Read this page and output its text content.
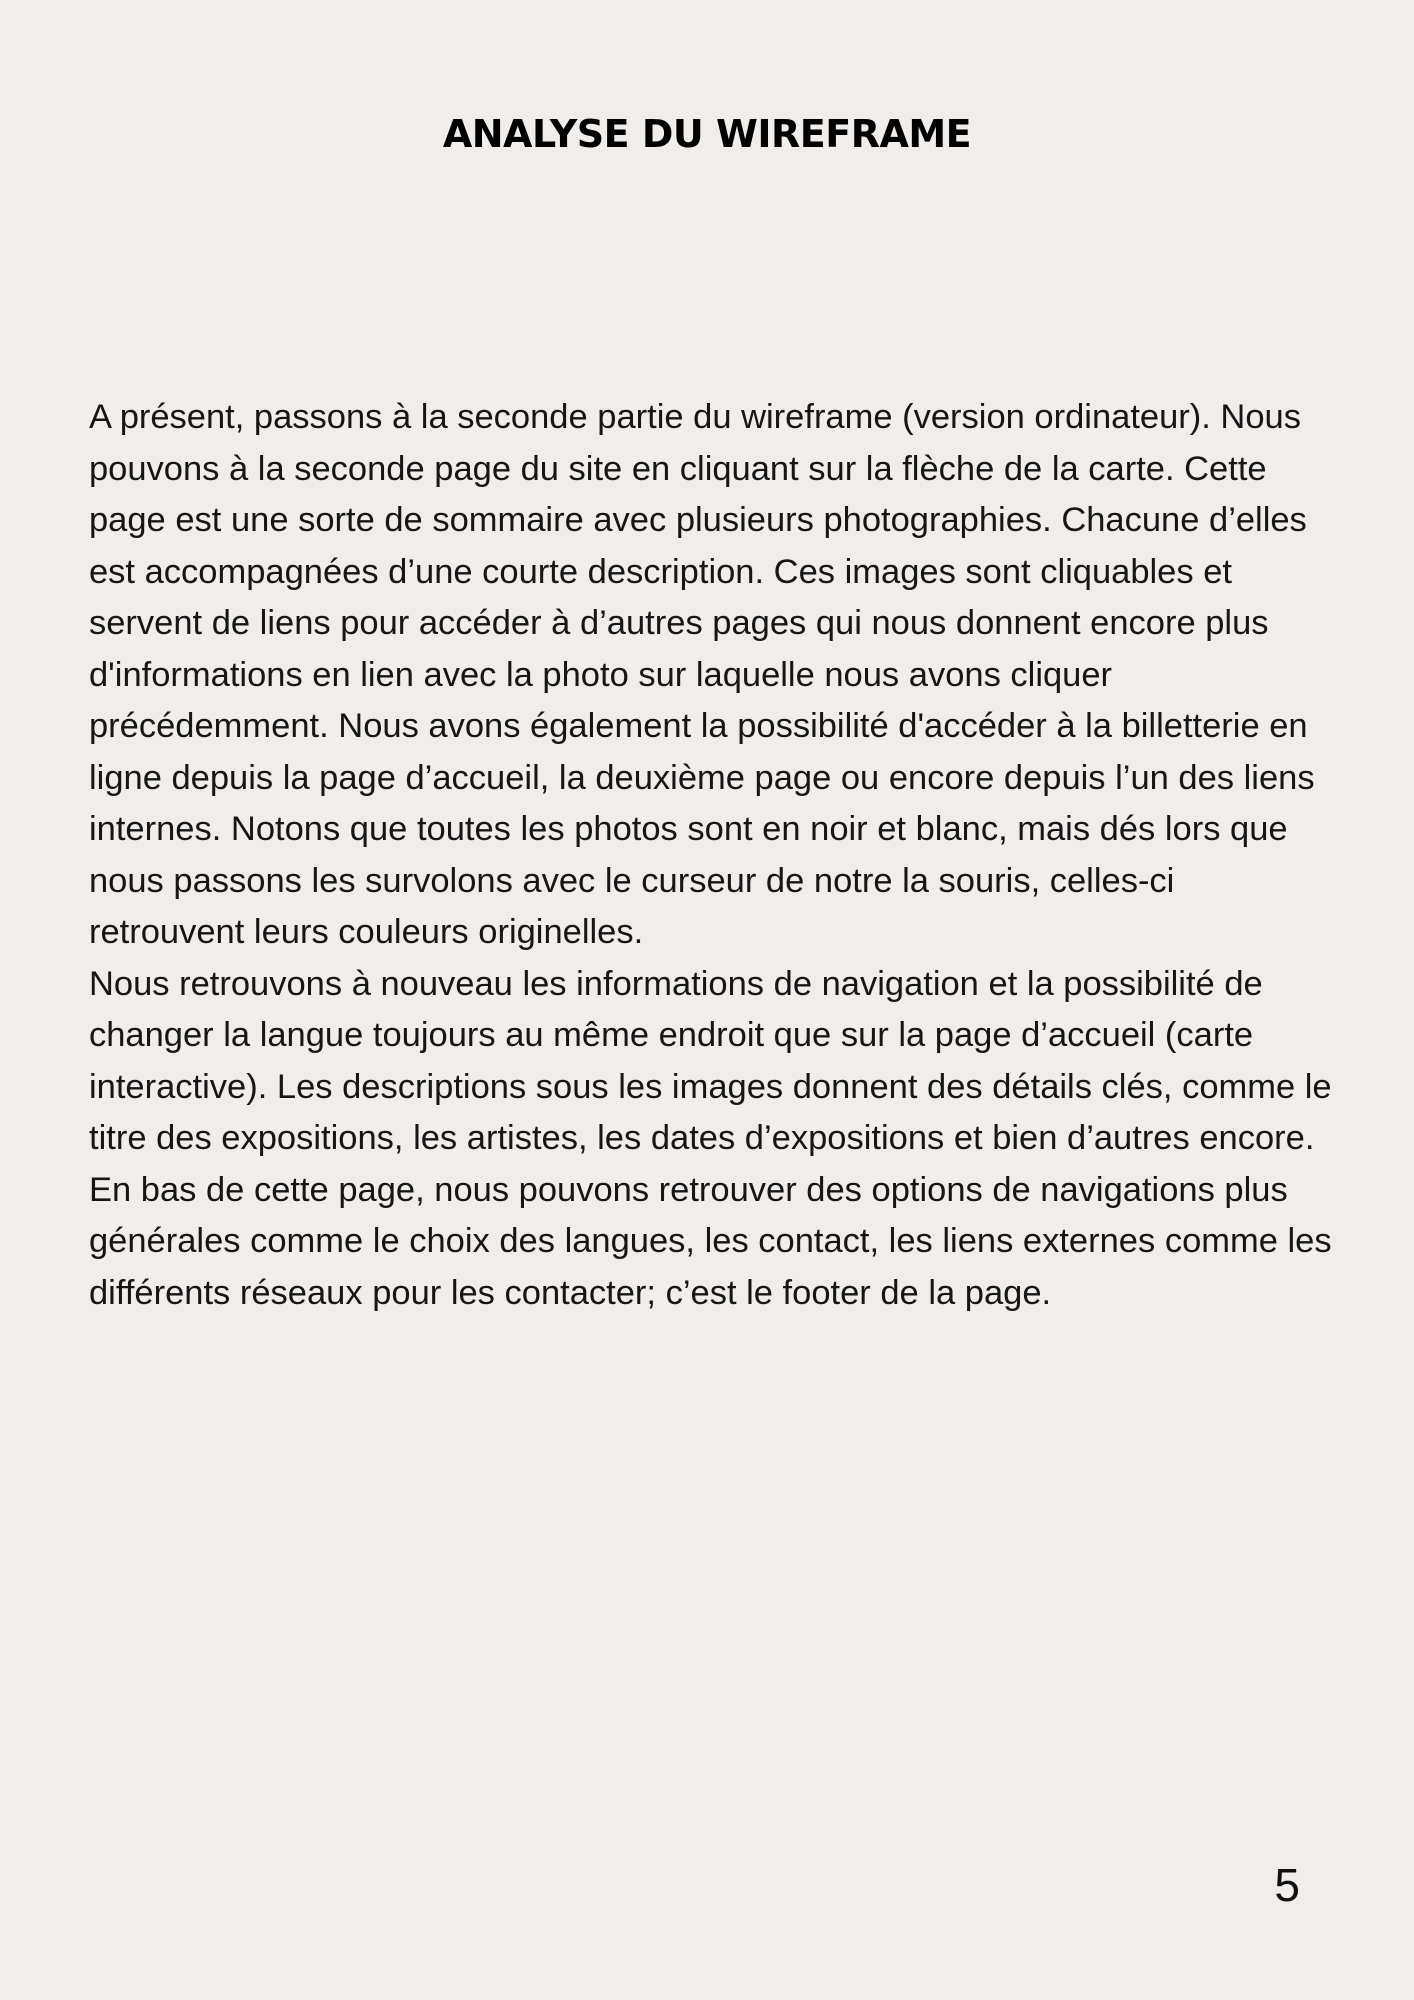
ANALYSE DU WIREFRAME

A présent, passons à la seconde partie du wireframe (version ordinateur). Nous pouvons à la seconde page du site en cliquant sur la flèche de la carte. Cette page est une sorte de sommaire avec plusieurs photographies. Chacune d’elles est accompagnées d’une courte description. Ces images sont cliquables et servent de liens pour accéder à d’autres pages qui nous donnent encore plus d'informations en lien avec la photo sur laquelle nous avons cliquer précédemment. Nous avons également la possibilité d'accéder à la billetterie en ligne depuis la page d’accueil, la deuxième page ou encore depuis l’un des liens internes. Notons que toutes les photos sont en noir et blanc, mais dés lors que nous passons les survolons avec le curseur de notre la souris, celles-ci retrouvent leurs couleurs originelles.

Nous retrouvons à nouveau les informations de navigation et la possibilité de changer la langue toujours au même endroit que sur la page d’accueil (carte interactive). Les descriptions sous les images donnent des détails clés, comme le titre des expositions, les artistes, les dates d’expositions et bien d’autres encore.

En bas de cette page, nous pouvons retrouver des options de navigations plus générales comme le choix des langues, les contact, les liens externes comme les différents réseaux pour les contacter; c’est le footer de la page.

5
